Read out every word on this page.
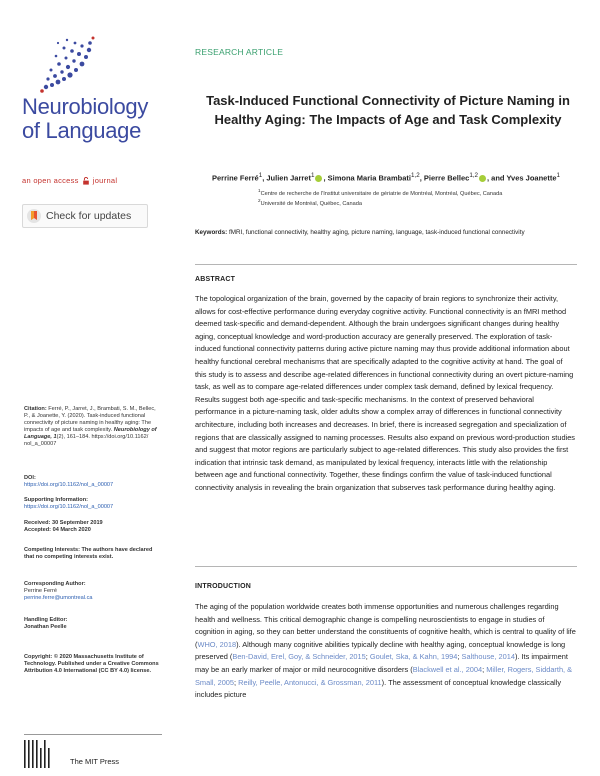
Neurobiology
of Language
an open access journal
Check for updates
Citation: Ferré, P., Jarret, J., Brambati, S. M., Bellec, P., & Joanette, Y. (2020). Task-induced functional connectivity of picture naming in healthy aging: The impacts of age and task complexity. Neurobiology of Language, 1(2), 161–184. https://doi.org/10.1162/ nol_a_00007
DOI:
https://doi.org/10.1162/nol_a_00007
Supporting Information:
https://doi.org/10.1162/nol_a_00007
Received: 30 September 2019
Accepted: 04 March 2020
Competing Interests: The authors have declared that no competing interests exist.
Corresponding Author:
Perrine Ferré
perrine.ferre@umontreal.ca
Handling Editor:
Jonathan Peelle
Copyright: © 2020 Massachusetts Institute of Technology. Published under a Creative Commons Attribution 4.0 International (CC BY 4.0) license.
The MIT Press
RESEARCH ARTICLE
Task-Induced Functional Connectivity of Picture Naming in Healthy Aging: The Impacts of Age and Task Complexity
Perrine Ferré$^1$, Julien Jarret$^1$ , Simona Maria Brambati$^{1,2}$, Pierre Bellec$^{1,2}$ , and Yves Joanette$^1$
$^1$Centre de recherche de l'Institut universitaire de gériatrie de Montréal, Montréal, Québec, Canada
$^2$Université de Montréal, Québec, Canada
Keywords: fMRI, functional connectivity, healthy aging, picture naming, language, task-induced functional connectivity
ABSTRACT
The topological organization of the brain, governed by the capacity of brain regions to synchronize their activity, allows for cost-effective performance during everyday cognitive activity. Functional connectivity is an fMRI method deemed task-specific and demand-dependent. Although the brain undergoes significant changes during healthy aging, conceptual knowledge and word-production accuracy are generally preserved. The exploration of task-induced functional connectivity patterns during active picture naming may thus provide additional information about healthy functional cerebral mechanisms that are specifically adapted to the cognitive activity at hand. The goal of this study is to assess and describe age-related differences in functional connectivity during an overt picture-naming task, as well as to compare age-related differences under complex task demand, defined by lexical frequency. Results suggest both age-specific and task-specific mechanisms. In the context of preserved behavioral performance in a picture-naming task, older adults show a complex array of differences in functional connectivity architecture, including both increases and decreases. In brief, there is increased segregation and specialization of regions that are classically assigned to naming processes. Results also expand on previous word-production studies and suggest that motor regions are particularly subject to age-related differences. This study also provides the first indication that intrinsic task demand, as manipulated by lexical frequency, interacts little with the relationship between age and functional connectivity. Together, these findings confirm the value of task-induced functional connectivity analysis in revealing the brain organization that subserves task performance during healthy aging.
INTRODUCTION
The aging of the population worldwide creates both immense opportunities and numerous challenges regarding health and wellness. This critical demographic change is compelling neuroscientists to engage in studies of cognition in aging, so they can better understand the constituents of cognitive health, which is central to quality of life (WHO, 2018). Although many cognitive abilities typically decline with healthy aging, conceptual knowledge is long preserved (Ben-David, Erel, Goy, & Schneider, 2015; Goulet, Ska, & Kahn, 1994; Salthouse, 2014). Its impairment may be an early marker of major or mild neurocognitive disorders (Blackwell et al., 2004; Miller, Rogers, Siddarth, & Small, 2005; Reilly, Peelle, Antonucci, & Grossman, 2011). The assessment of conceptual knowledge classically includes picture
